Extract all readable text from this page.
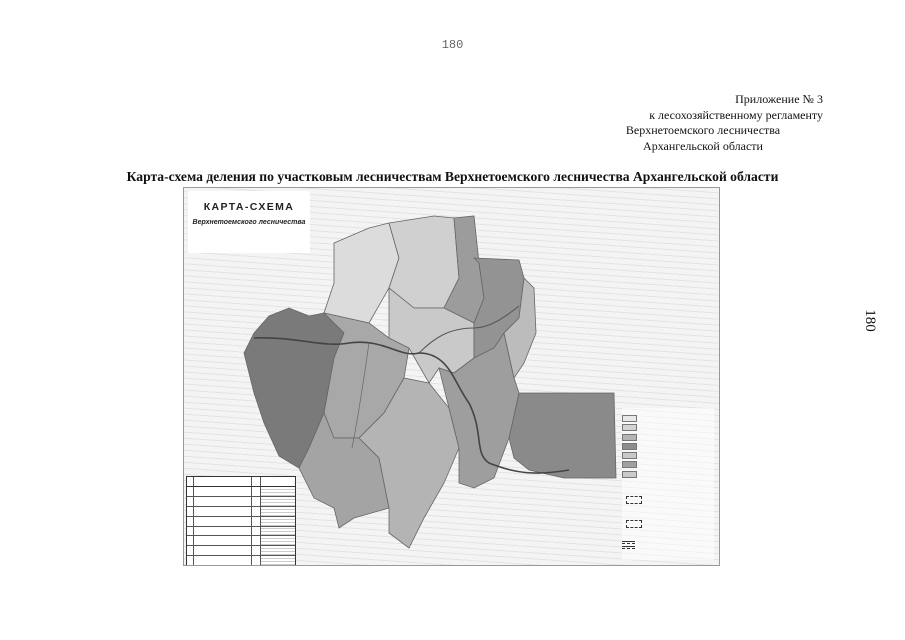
180
Приложение № 3
к лесохозяйственному регламенту
Верхнетоемского лесничества
Архангельской области
Карта-схема деления по участковым лесничествам Верхнетоемского лесничества Архангельской области
180

КАРТА-СХЕМА

Верхнетоемского лесничества
